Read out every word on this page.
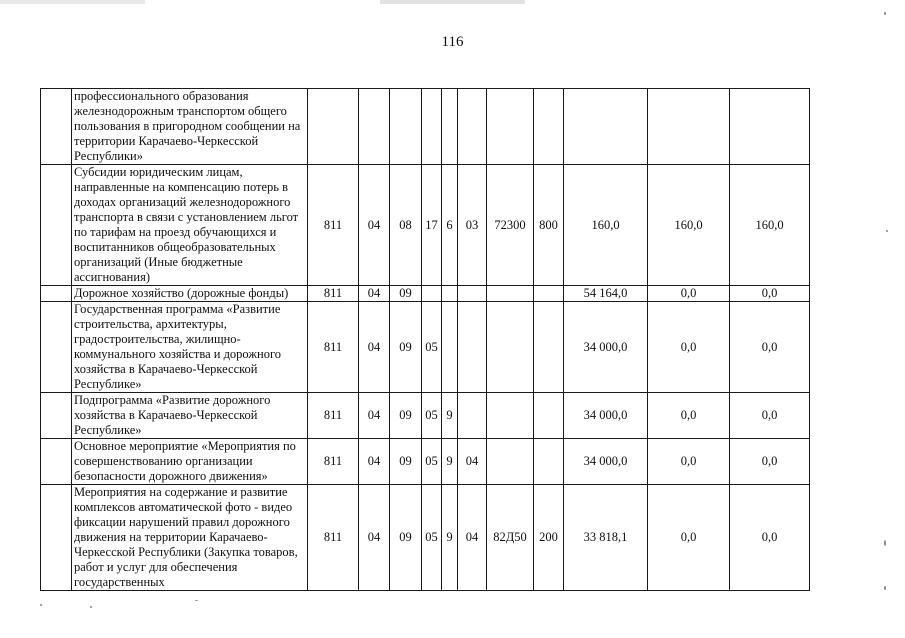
116
	профессионального образования железнодорожным транспортом общего пользования в пригородном сообщении на территории Карачаево-Черкесской Республики»											
	Субсидии юридическим лицам, направленные на компенсацию потерь в доходах организаций железнодорожного транспорта в связи с установлением льгот по тарифам на проезд обучающихся и воспитанников общеобразовательных организаций (Иные бюджетные ассигнования)	811	04	08	17	6	03	72300	800	160,0	160,0	160,0
	Дорожное хозяйство (дорожные фонды)	811	04	09						54 164,0	0,0	0,0
	Государственная программа «Развитие строительства, архитектуры, градостроительства, жилищно-коммунального хозяйства и дорожного хозяйства в Карачаево-Черкесской Республике»	811	04	09	05					34 000,0	0,0	0,0
	Подпрограмма «Развитие дорожного хозяйства в Карачаево-Черкесской Республике»	811	04	09	05	9				34 000,0	0,0	0,0
	Основное мероприятие «Мероприятия по совершенствованию организации безопасности дорожного движения»	811	04	09	05	9	04			34 000,0	0,0	0,0
	Мероприятия на содержание и развитие комплексов автоматической фото - видео фиксации нарушений правил дорожного движения на территории Карачаево-Черкесской Республики (Закупка товаров, работ и услуг для обеспечения государственных	811	04	09	05	9	04	82Д50	200	33 818,1	0,0	0,0
